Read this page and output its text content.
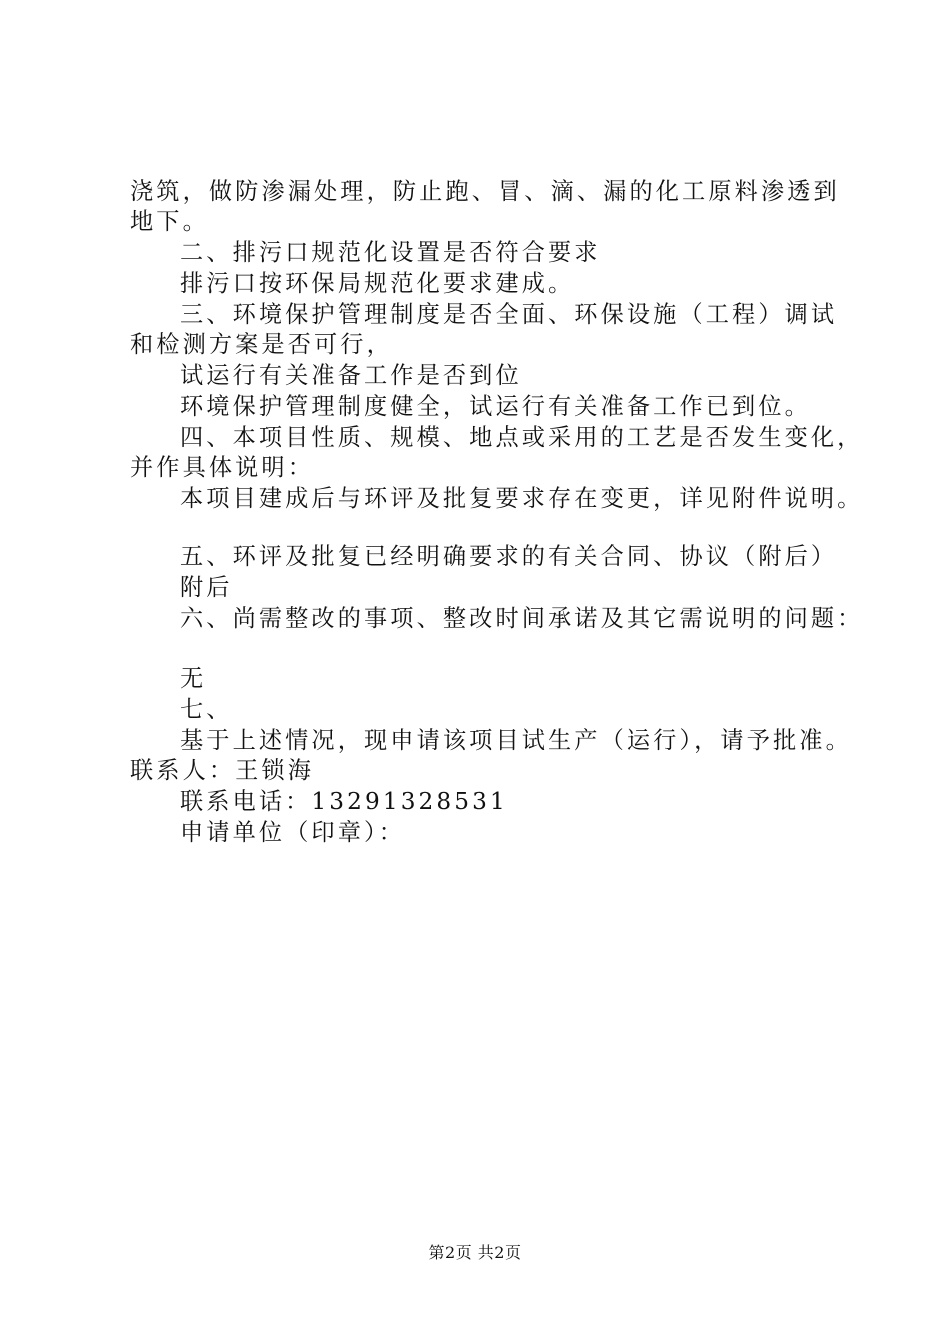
浇筑，做防渗漏处理，防止跑、冒、滴、漏的化工原料渗透到
地下。
二、排污口规范化设置是否符合要求
排污口按环保局规范化要求建成。
三、环境保护管理制度是否全面、环保设施（工程）调试
和检测方案是否可行，
试运行有关准备工作是否到位
环境保护管理制度健全，试运行有关准备工作已到位。
四、本项目性质、规模、地点或采用的工艺是否发生变化，
并作具体说明：
本项目建成后与环评及批复要求存在变更，详见附件说明。
五、环评及批复已经明确要求的有关合同、协议（附后）
附后
六、尚需整改的事项、整改时间承诺及其它需说明的问题：
无
七、
基于上述情况，现申请该项目试生产（运行），请予批准。
联系人：王锁海
联系电话：13291328531
申请单位（印章）：
第2页 共2页
